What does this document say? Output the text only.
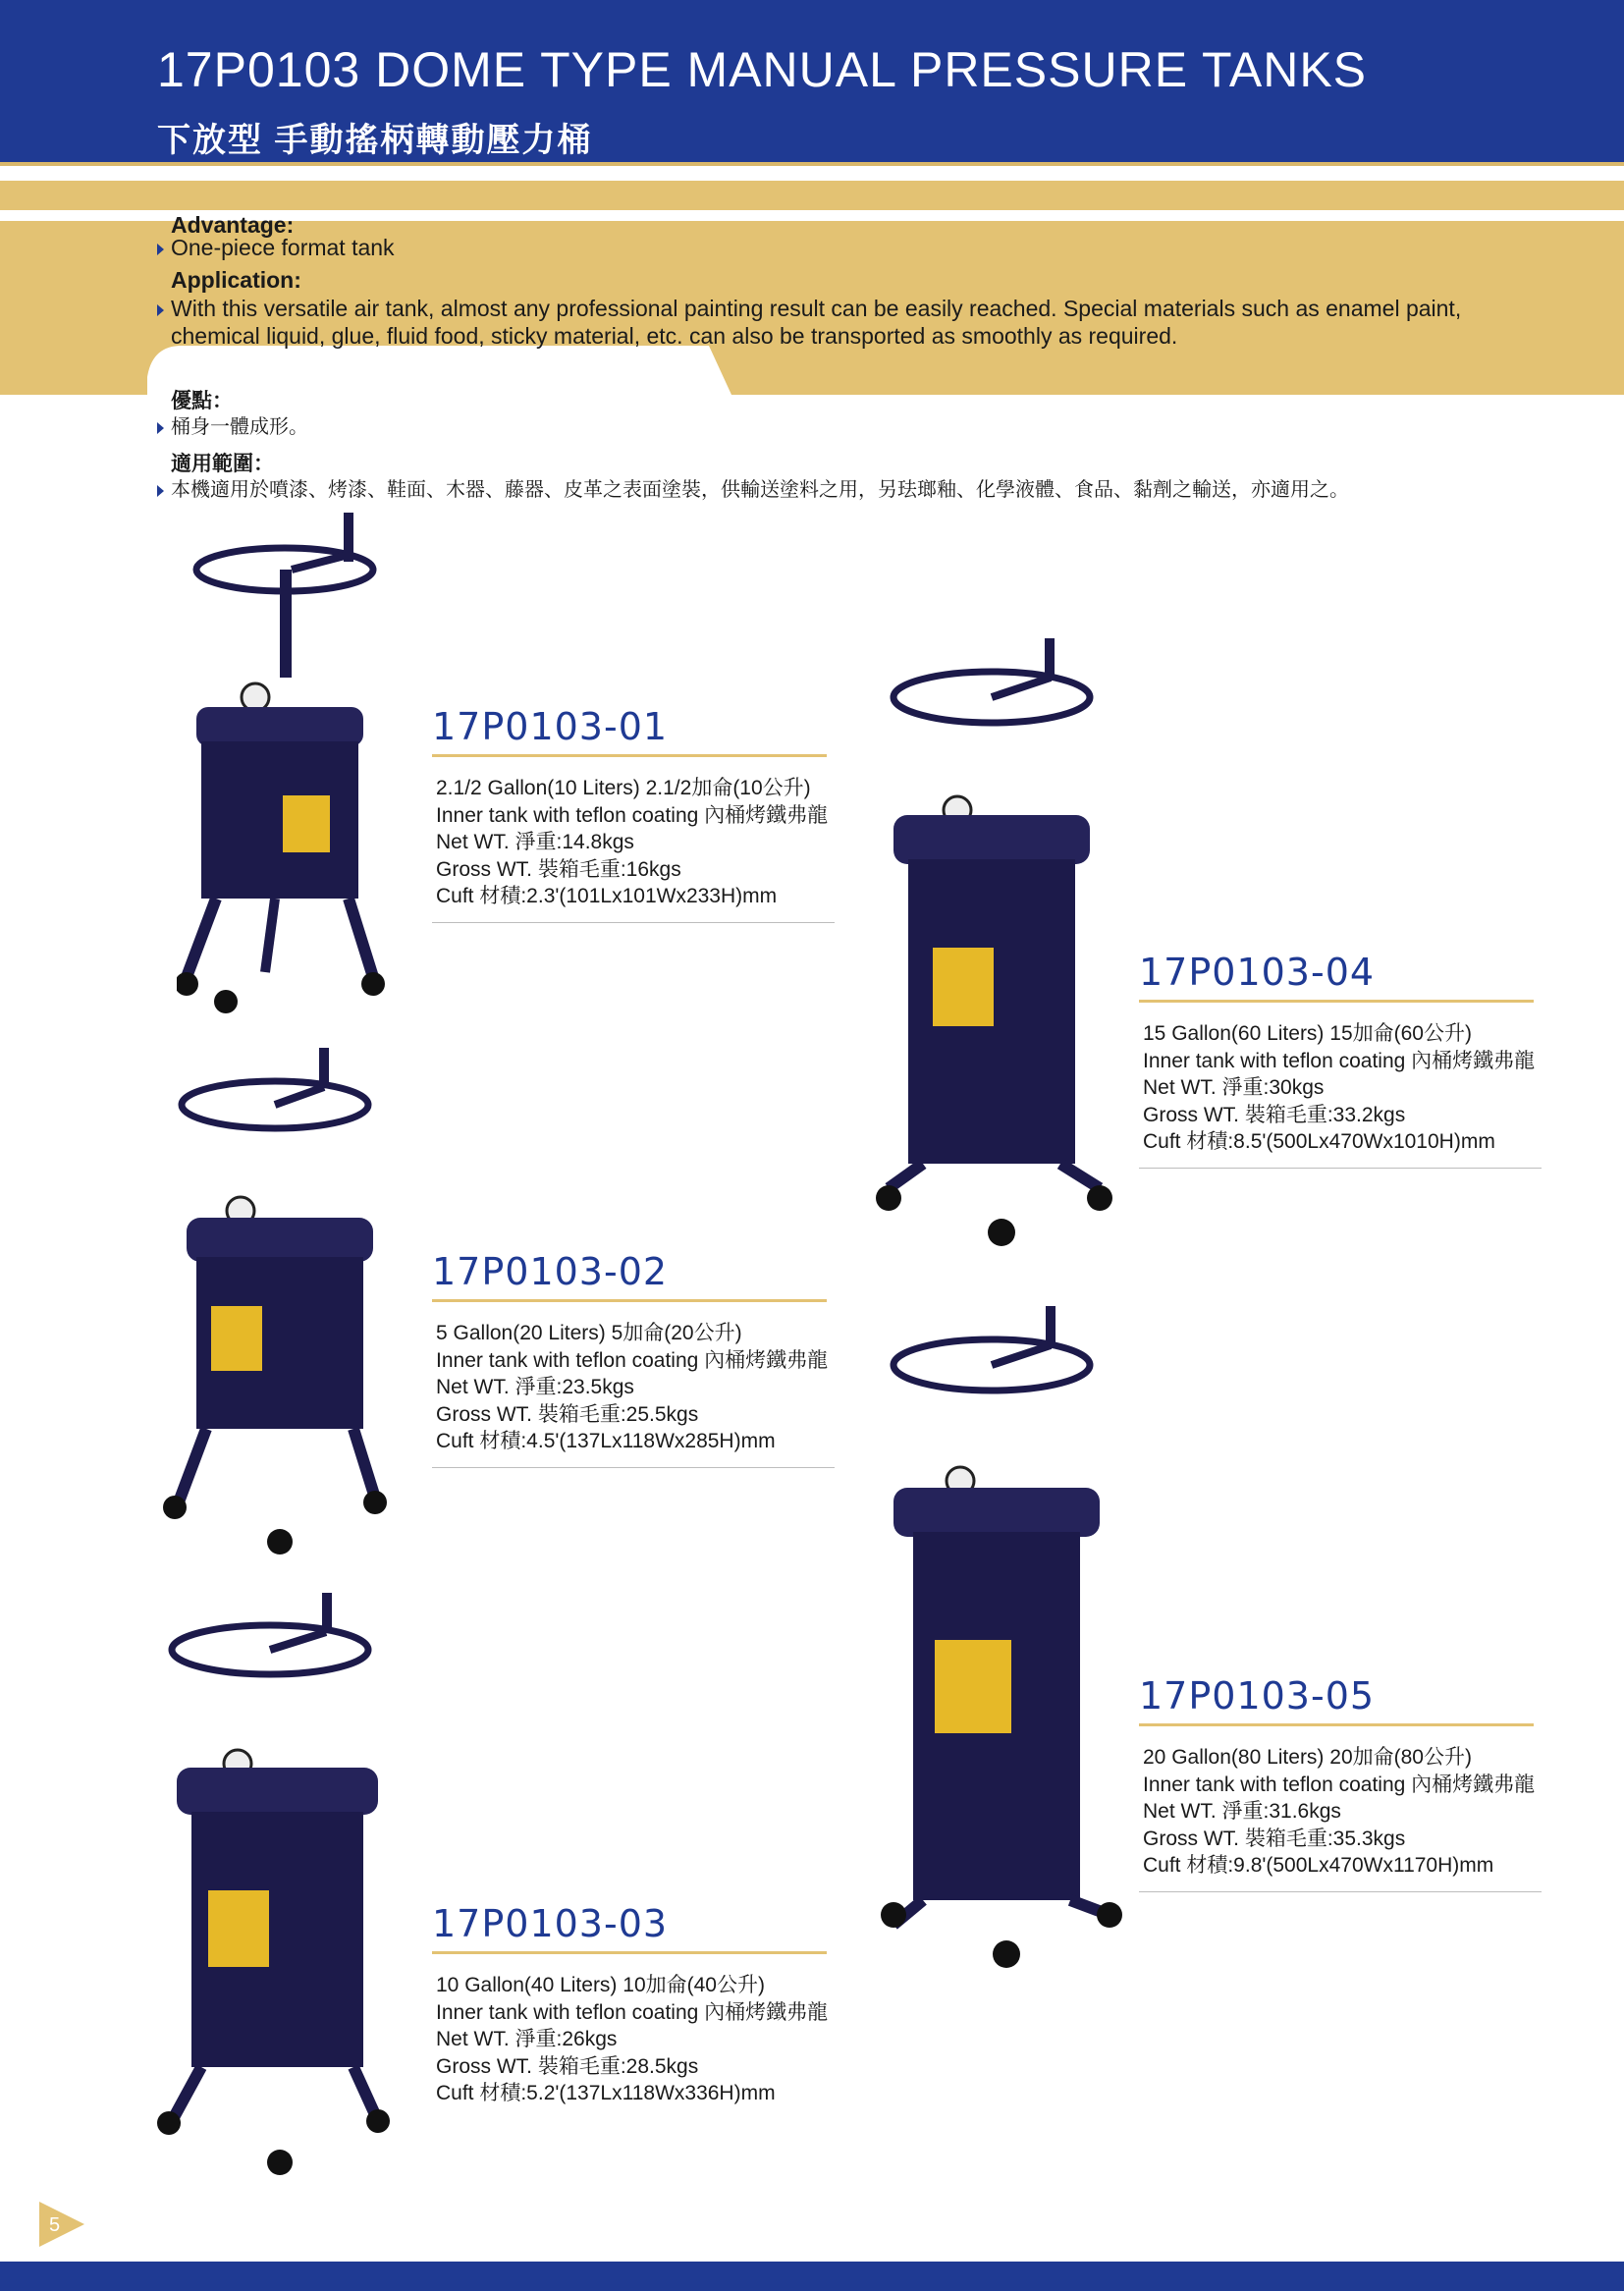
17P0103 DOME TYPE MANUAL PRESSURE TANKS
下放型 手動搖柄轉動壓力桶
Advantage:
One-piece format tank
Application:
With this versatile air tank, almost any professional painting result can be easily reached. Special materials such as enamel paint,
chemical liquid, glue, fluid food, sticky material, etc. can also be transported as smoothly as required.
優點：
桶身一體成形。
適用範圍：
本機適用於噴漆、烤漆、鞋面、木器、藤器、皮革之表面塗裝，供輸送塗料之用，另珐瑯釉、化學液體、食品、黏劑之輸送，亦適用之。
17P0103-01
2.1/2 Gallon(10 Liters) 2.1/2加侖(10公升)
Inner tank with teflon coating 內桶烤鐵弗龍
Net WT. 淨重:14.8kgs
Gross WT. 裝箱毛重:16kgs
Cuft 材積:2.3'(101Lx101Wx233H)mm
17P0103-02
5 Gallon(20 Liters) 5加侖(20公升)
Inner tank with teflon coating 內桶烤鐵弗龍
Net WT. 淨重:23.5kgs
Gross WT. 裝箱毛重:25.5kgs
Cuft 材積:4.5'(137Lx118Wx285H)mm
17P0103-03
10 Gallon(40 Liters) 10加侖(40公升)
Inner tank with teflon coating 內桶烤鐵弗龍
Net WT. 淨重:26kgs
Gross WT. 裝箱毛重:28.5kgs
Cuft 材積:5.2'(137Lx118Wx336H)mm
17P0103-04
15 Gallon(60 Liters) 15加侖(60公升)
Inner tank with teflon coating 內桶烤鐵弗龍
Net WT. 淨重:30kgs
Gross WT. 裝箱毛重:33.2kgs
Cuft 材積:8.5'(500Lx470Wx1010H)mm
17P0103-05
20 Gallon(80 Liters) 20加侖(80公升)
Inner tank with teflon coating 內桶烤鐵弗龍
Net WT. 淨重:31.6kgs
Gross WT. 裝箱毛重:35.3kgs
Cuft 材積:9.8'(500Lx470Wx1170H)mm
5
